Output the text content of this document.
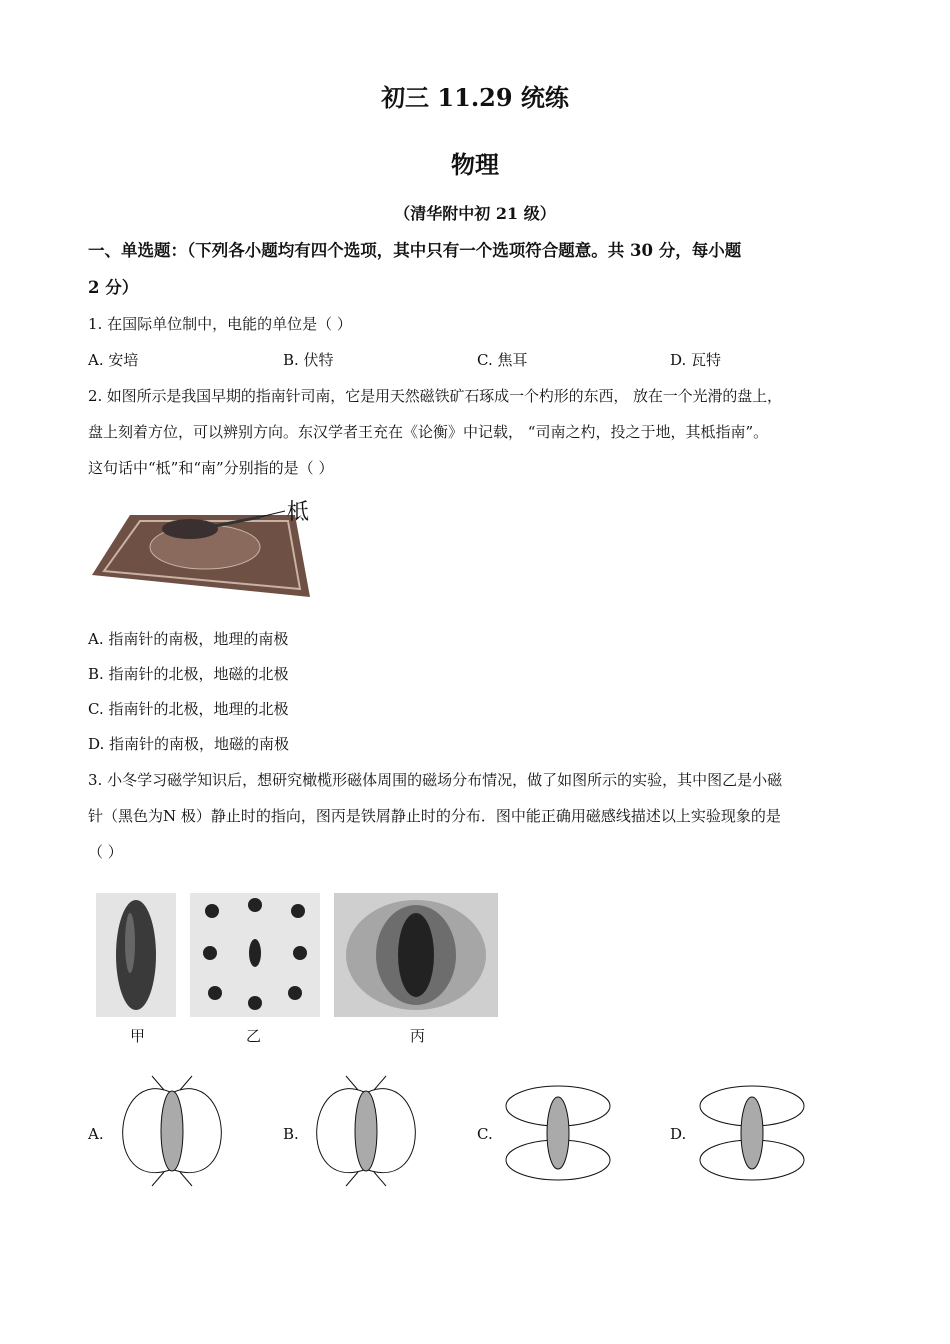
初三 11.29 统练
物理
（清华附中初 21 级）
一、单选题：（下列各小题均有四个选项，其中只有一个选项符合题意。共 30 分，每小题
2 分）
1. 在国际单位制中，电能的单位是（ ）
A. 安培	B. 伏特	C. 焦耳	D. 瓦特
2. 如图所示是我国早期的指南针司南，它是用天然磁铁矿石琢成一个杓形的东西， 放在一个光滑的盘上，
盘上刻着方位，可以辨别方向。东汉学者王充在《论衡》中记载， “司南之杓，投之于地，其柢指南”。
这句话中“柢”和“南”分别指的是（ ）
柢
A. 指南针的南极，地理的南极
B. 指南针的北极，地磁的北极
C. 指南针的北极，地理的北极
D. 指南针的南极，地磁的南极
3. 小冬学习磁学知识后，想研究橄榄形磁体周围的磁场分布情况，做了如图所示的实验，其中图乙是小磁
针（黑色为N 极）静止时的指向，图丙是铁屑静止时的分布．图中能正确用磁感线描述以上实验现象的是
（ ）
甲	乙	丙
A.	B.	C.	D.
